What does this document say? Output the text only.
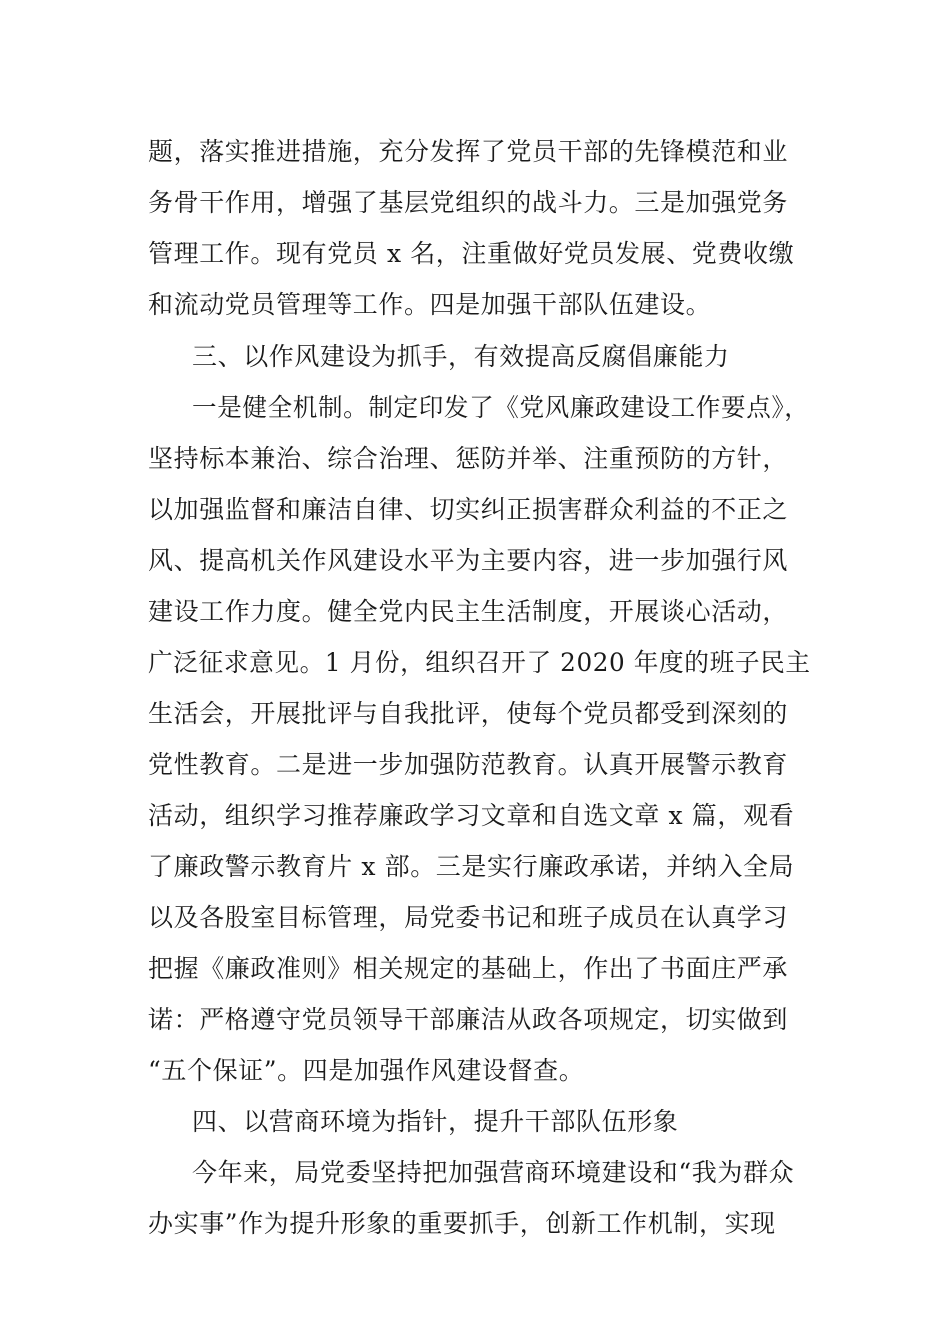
题，落实推进措施，充分发挥了党员干部的先锋模范和业
务骨干作用，增强了基层党组织的战斗力。三是加强党务
管理工作。现有党员 x 名，注重做好党员发展、党费收缴
和流动党员管理等工作。四是加强干部队伍建设。
三、以作风建设为抓手，有效提高反腐倡廉能力
一是健全机制。制定印发了《党风廉政建设工作要点》，
坚持标本兼治、综合治理、惩防并举、注重预防的方针，
以加强监督和廉洁自律、切实纠正损害群众利益的不正之
风、提高机关作风建设水平为主要内容，进一步加强行风
建设工作力度。健全党内民主生活制度，开展谈心活动，
广泛征求意见。1 月份，组织召开了 2020 年度的班子民主
生活会，开展批评与自我批评，使每个党员都受到深刻的
党性教育。二是进一步加强防范教育。认真开展警示教育
活动，组织学习推荐廉政学习文章和自选文章 x 篇，观看
了廉政警示教育片 x 部。三是实行廉政承诺，并纳入全局
以及各股室目标管理，局党委书记和班子成员在认真学习
把握《廉政准则》相关规定的基础上，作出了书面庄严承
诺：严格遵守党员领导干部廉洁从政各项规定，切实做到
“五个保证”。四是加强作风建设督查。
四、以营商环境为指针，提升干部队伍形象
今年来，局党委坚持把加强营商环境建设和“我为群众
办实事”作为提升形象的重要抓手，创新工作机制，实现
